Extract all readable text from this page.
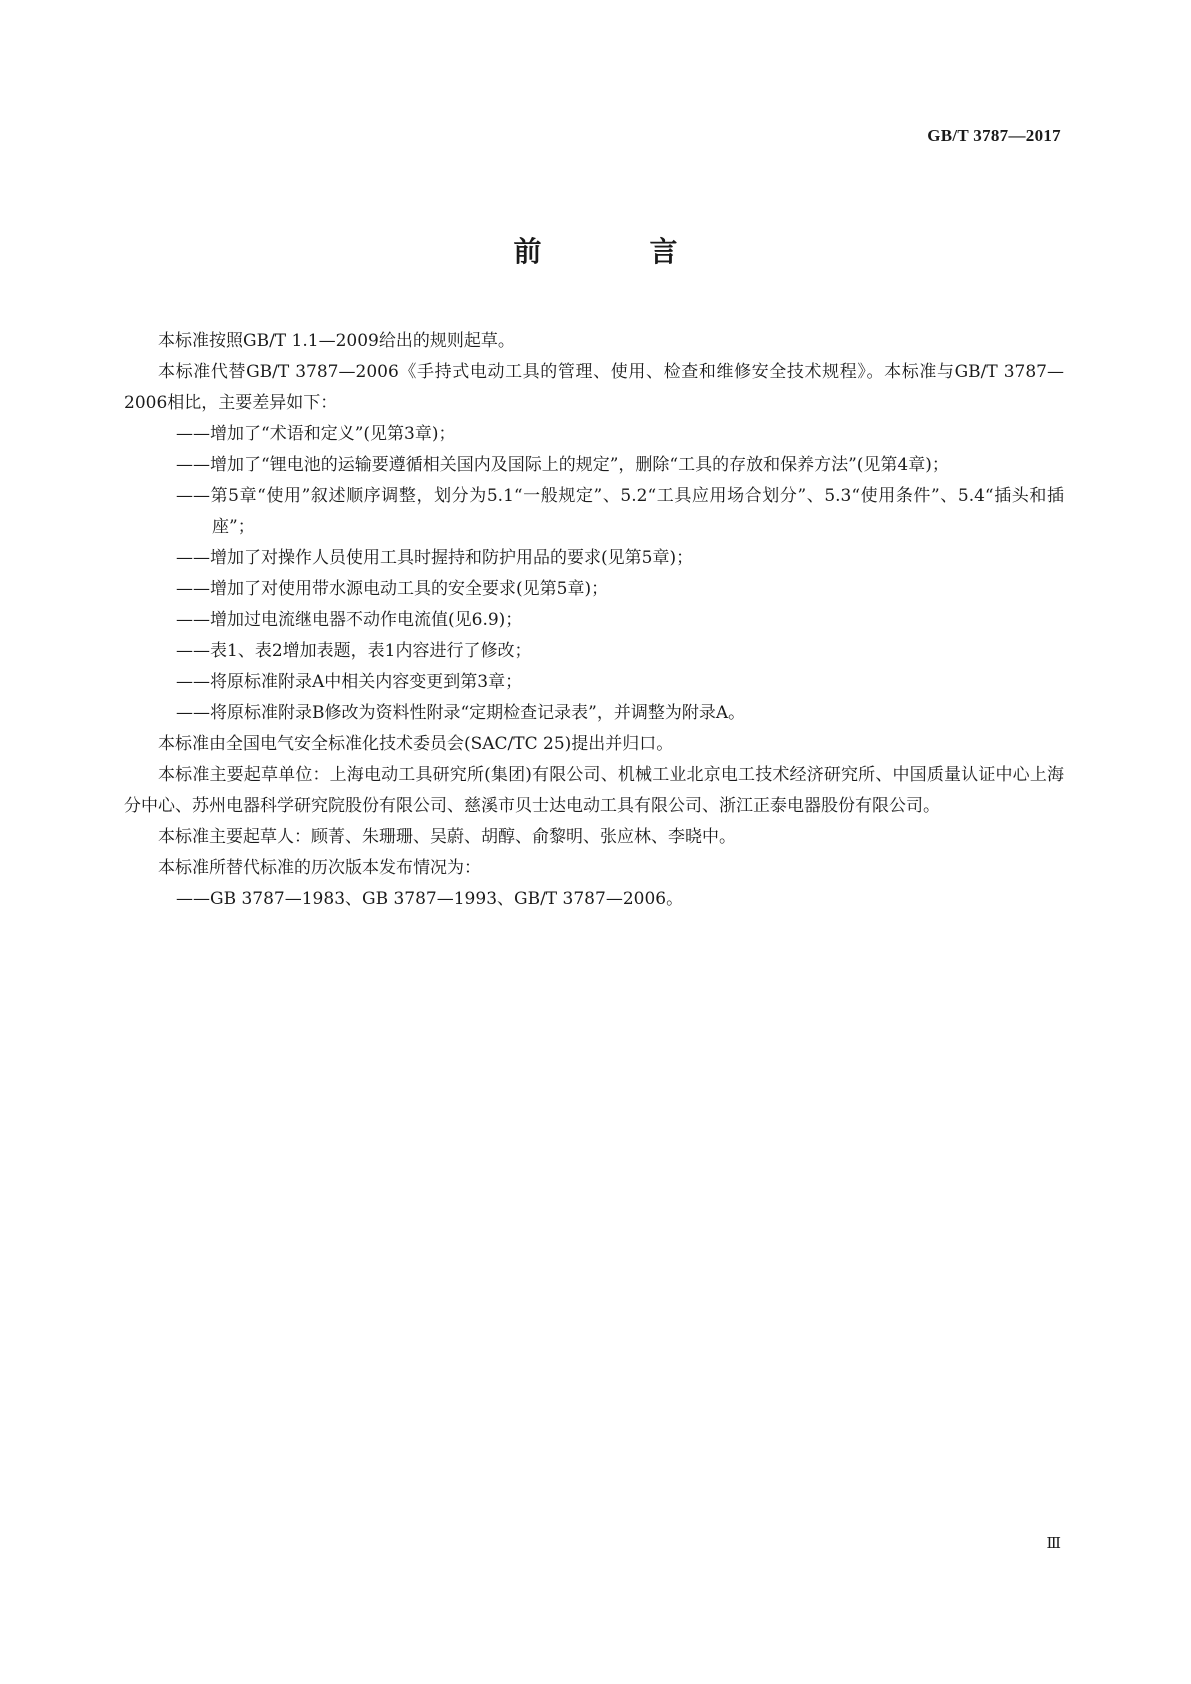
GB/T 3787—2017
前　言

本标准按照GB/T 1.1—2009给出的规则起草。

本标准代替GB/T 3787—2006《手持式电动工具的管理、使用、检查和维修安全技术规程》。本标准与GB/T 3787—2006相比，主要差异如下：

——增加了“术语和定义”(见第3章)；

——增加了“锂电池的运输要遵循相关国内及国际上的规定”，删除“工具的存放和保养方法”(见第4章)；

——第5章“使用”叙述顺序调整，划分为5.1“一般规定”、5.2“工具应用场合划分”、5.3“使用条件”、5.4“插头和插座”；

——增加了对操作人员使用工具时握持和防护用品的要求(见第5章)；

——增加了对使用带水源电动工具的安全要求(见第5章)；

——增加过电流继电器不动作电流值(见6.9)；

——表1、表2增加表题，表1内容进行了修改；

——将原标准附录A中相关内容变更到第3章；

——将原标准附录B修改为资料性附录“定期检查记录表”，并调整为附录A。

本标准由全国电气安全标准化技术委员会(SAC/TC 25)提出并归口。

本标准主要起草单位：上海电动工具研究所(集团)有限公司、机械工业北京电工技术经济研究所、中国质量认证中心上海分中心、苏州电器科学研究院股份有限公司、慈溪市贝士达电动工具有限公司、浙江正泰电器股份有限公司。

本标准主要起草人：顾菁、朱珊珊、吴蔚、胡醇、俞黎明、张应林、李晓中。

本标准所替代标准的历次版本发布情况为：

——GB 3787—1983、GB 3787—1993、GB/T 3787—2006。

Ⅲ
